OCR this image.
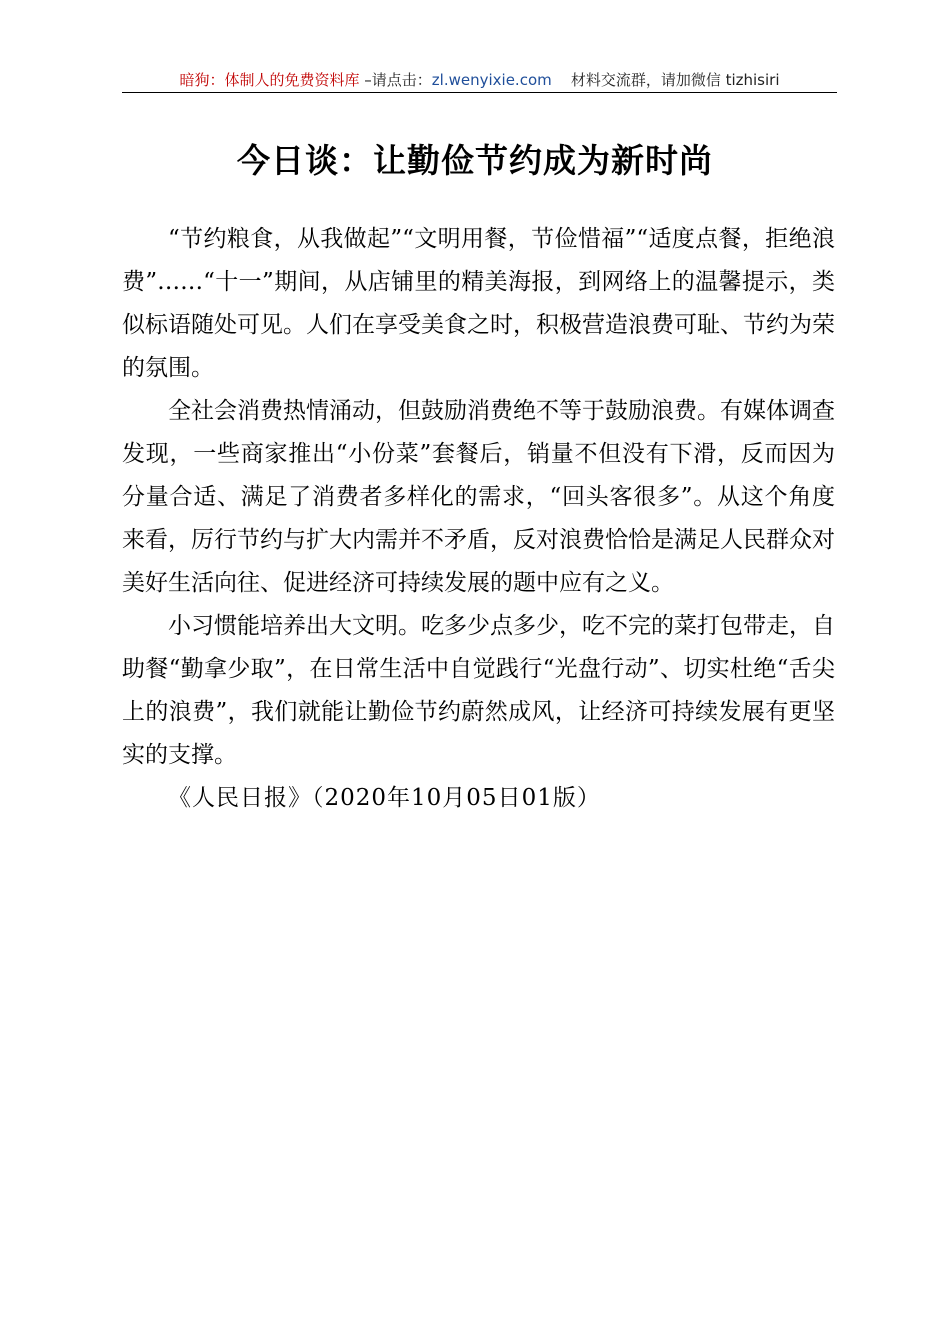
暗狗：体制人的免费资料库 –请点击：zl.wenyixie.com 材料交流群，请加微信 tizhisiri
今日谈：让勤俭节约成为新时尚

“节约粮食，从我做起”“文明用餐，节俭惜福”“适度点餐，拒绝浪费”……“十一”期间，从店铺里的精美海报，到网络上的温馨提示，类似标语随处可见。人们在享受美食之时，积极营造浪费可耻、节约为荣的氛围。

全社会消费热情涌动，但鼓励消费绝不等于鼓励浪费。有媒体调查发现，一些商家推出“小份菜”套餐后，销量不但没有下滑，反而因为分量合适、满足了消费者多样化的需求，“回头客很多”。从这个角度来看，厉行节约与扩大内需并不矛盾，反对浪费恰恰是满足人民群众对美好生活向往、促进经济可持续发展的题中应有之义。

小习惯能培养出大文明。吃多少点多少，吃不完的菜打包带走，自助餐“勤拿少取”，在日常生活中自觉践行“光盘行动”、切实杜绝“舌尖上的浪费”，我们就能让勤俭节约蔚然成风，让经济可持续发展有更坚实的支撑。

《人民日报》（2020年10月05日01版）
